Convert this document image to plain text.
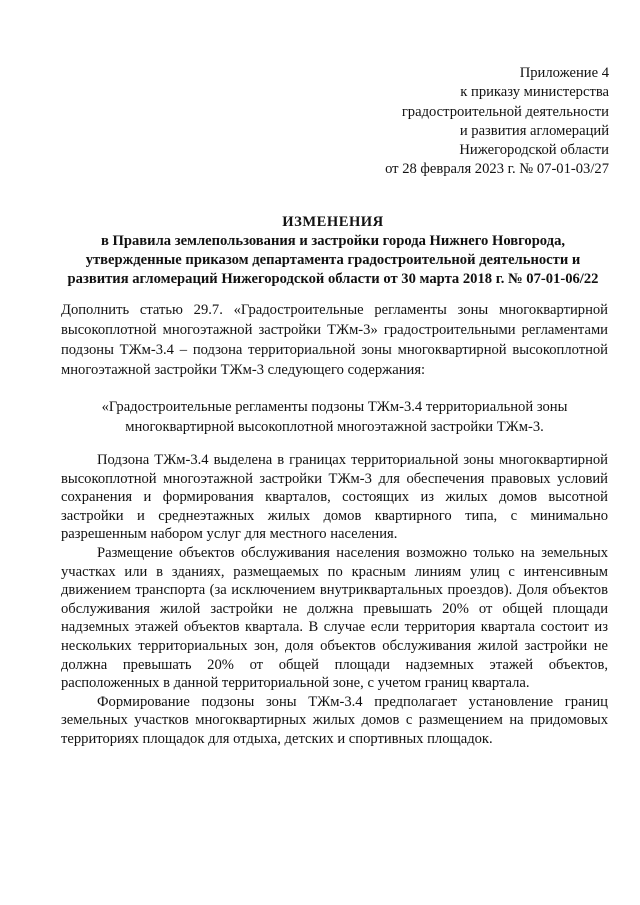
Приложение 4
к приказу министерства
градостроительной деятельности
и развития агломераций
Нижегородской области
от 28 февраля 2023 г. № 07-01-03/27
ИЗМЕНЕНИЯ
в Правила землепользования и застройки города Нижнего Новгорода,
утвержденные приказом департамента градостроительной деятельности и
развития агломераций Нижегородской области от 30 марта 2018 г. № 07-01-06/22

Дополнить статью 29.7. «Градостроительные регламенты зоны многоквартирной высокоплотной многоэтажной застройки ТЖм-3» градостроительными регламентами подзоны ТЖм-3.4 – подзона территориальной зоны многоквартирной высокоплотной многоэтажной застройки ТЖм-3 следующего содержания:

«Градостроительные регламенты подзоны ТЖм-3.4 территориальной зоны
многоквартирной высокоплотной многоэтажной застройки ТЖм-3.

Подзона ТЖм-3.4 выделена в границах территориальной зоны многоквартирной высокоплотной многоэтажной застройки ТЖм-3 для обеспечения правовых условий сохранения и формирования кварталов, состоящих из жилых домов высотной застройки и среднеэтажных жилых домов квартирного типа, с минимально разрешенным набором услуг для местного населения.

Размещение объектов обслуживания населения возможно только на земельных участках или в зданиях, размещаемых по красным линиям улиц с интенсивным движением транспорта (за исключением внутриквартальных проездов). Доля объектов обслуживания жилой застройки не должна превышать 20% от общей площади надземных этажей объектов квартала. В случае если территория квартала состоит из нескольких территориальных зон, доля объектов обслуживания жилой застройки не должна превышать 20% от общей площади надземных этажей объектов, расположенных в данной территориальной зоне, с учетом границ квартала.

Формирование подзоны зоны ТЖм-3.4 предполагает установление границ земельных участков многоквартирных жилых домов с размещением на придомовых территориях площадок для отдыха, детских и спортивных площадок.
